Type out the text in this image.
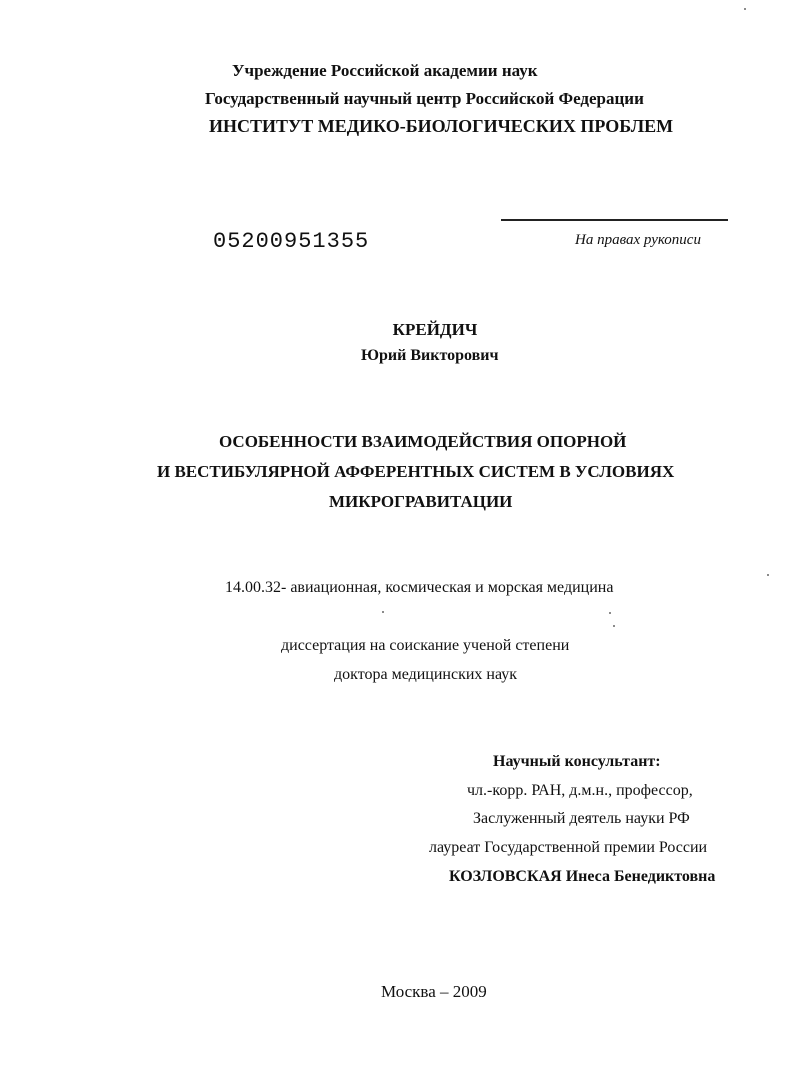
Учреждение Российской академии наук
Государственный научный центр Российской Федерации
ИНСТИТУТ МЕДИКО-БИОЛОГИЧЕСКИХ ПРОБЛЕМ
05200951355	На правах рукописи
КРЕЙДИЧ
Юрий Викторович
ОСОБЕННОСТИ ВЗАИМОДЕЙСТВИЯ ОПОРНОЙ
И ВЕСТИБУЛЯРНОЙ АФФЕРЕНТНЫХ СИСТЕМ В УСЛОВИЯХ
МИКРОГРАВИТАЦИИ
14.00.32- авиационная, космическая и морская медицина
диссертация на соискание ученой степени
доктора медицинских наук
Научный консультант:
чл.-корр. РАН, д.м.н., профессор,
Заслуженный деятель науки РФ
лауреат Государственной премии России
КОЗЛОВСКАЯ Инеса Бенедиктовна
Москва – 2009
